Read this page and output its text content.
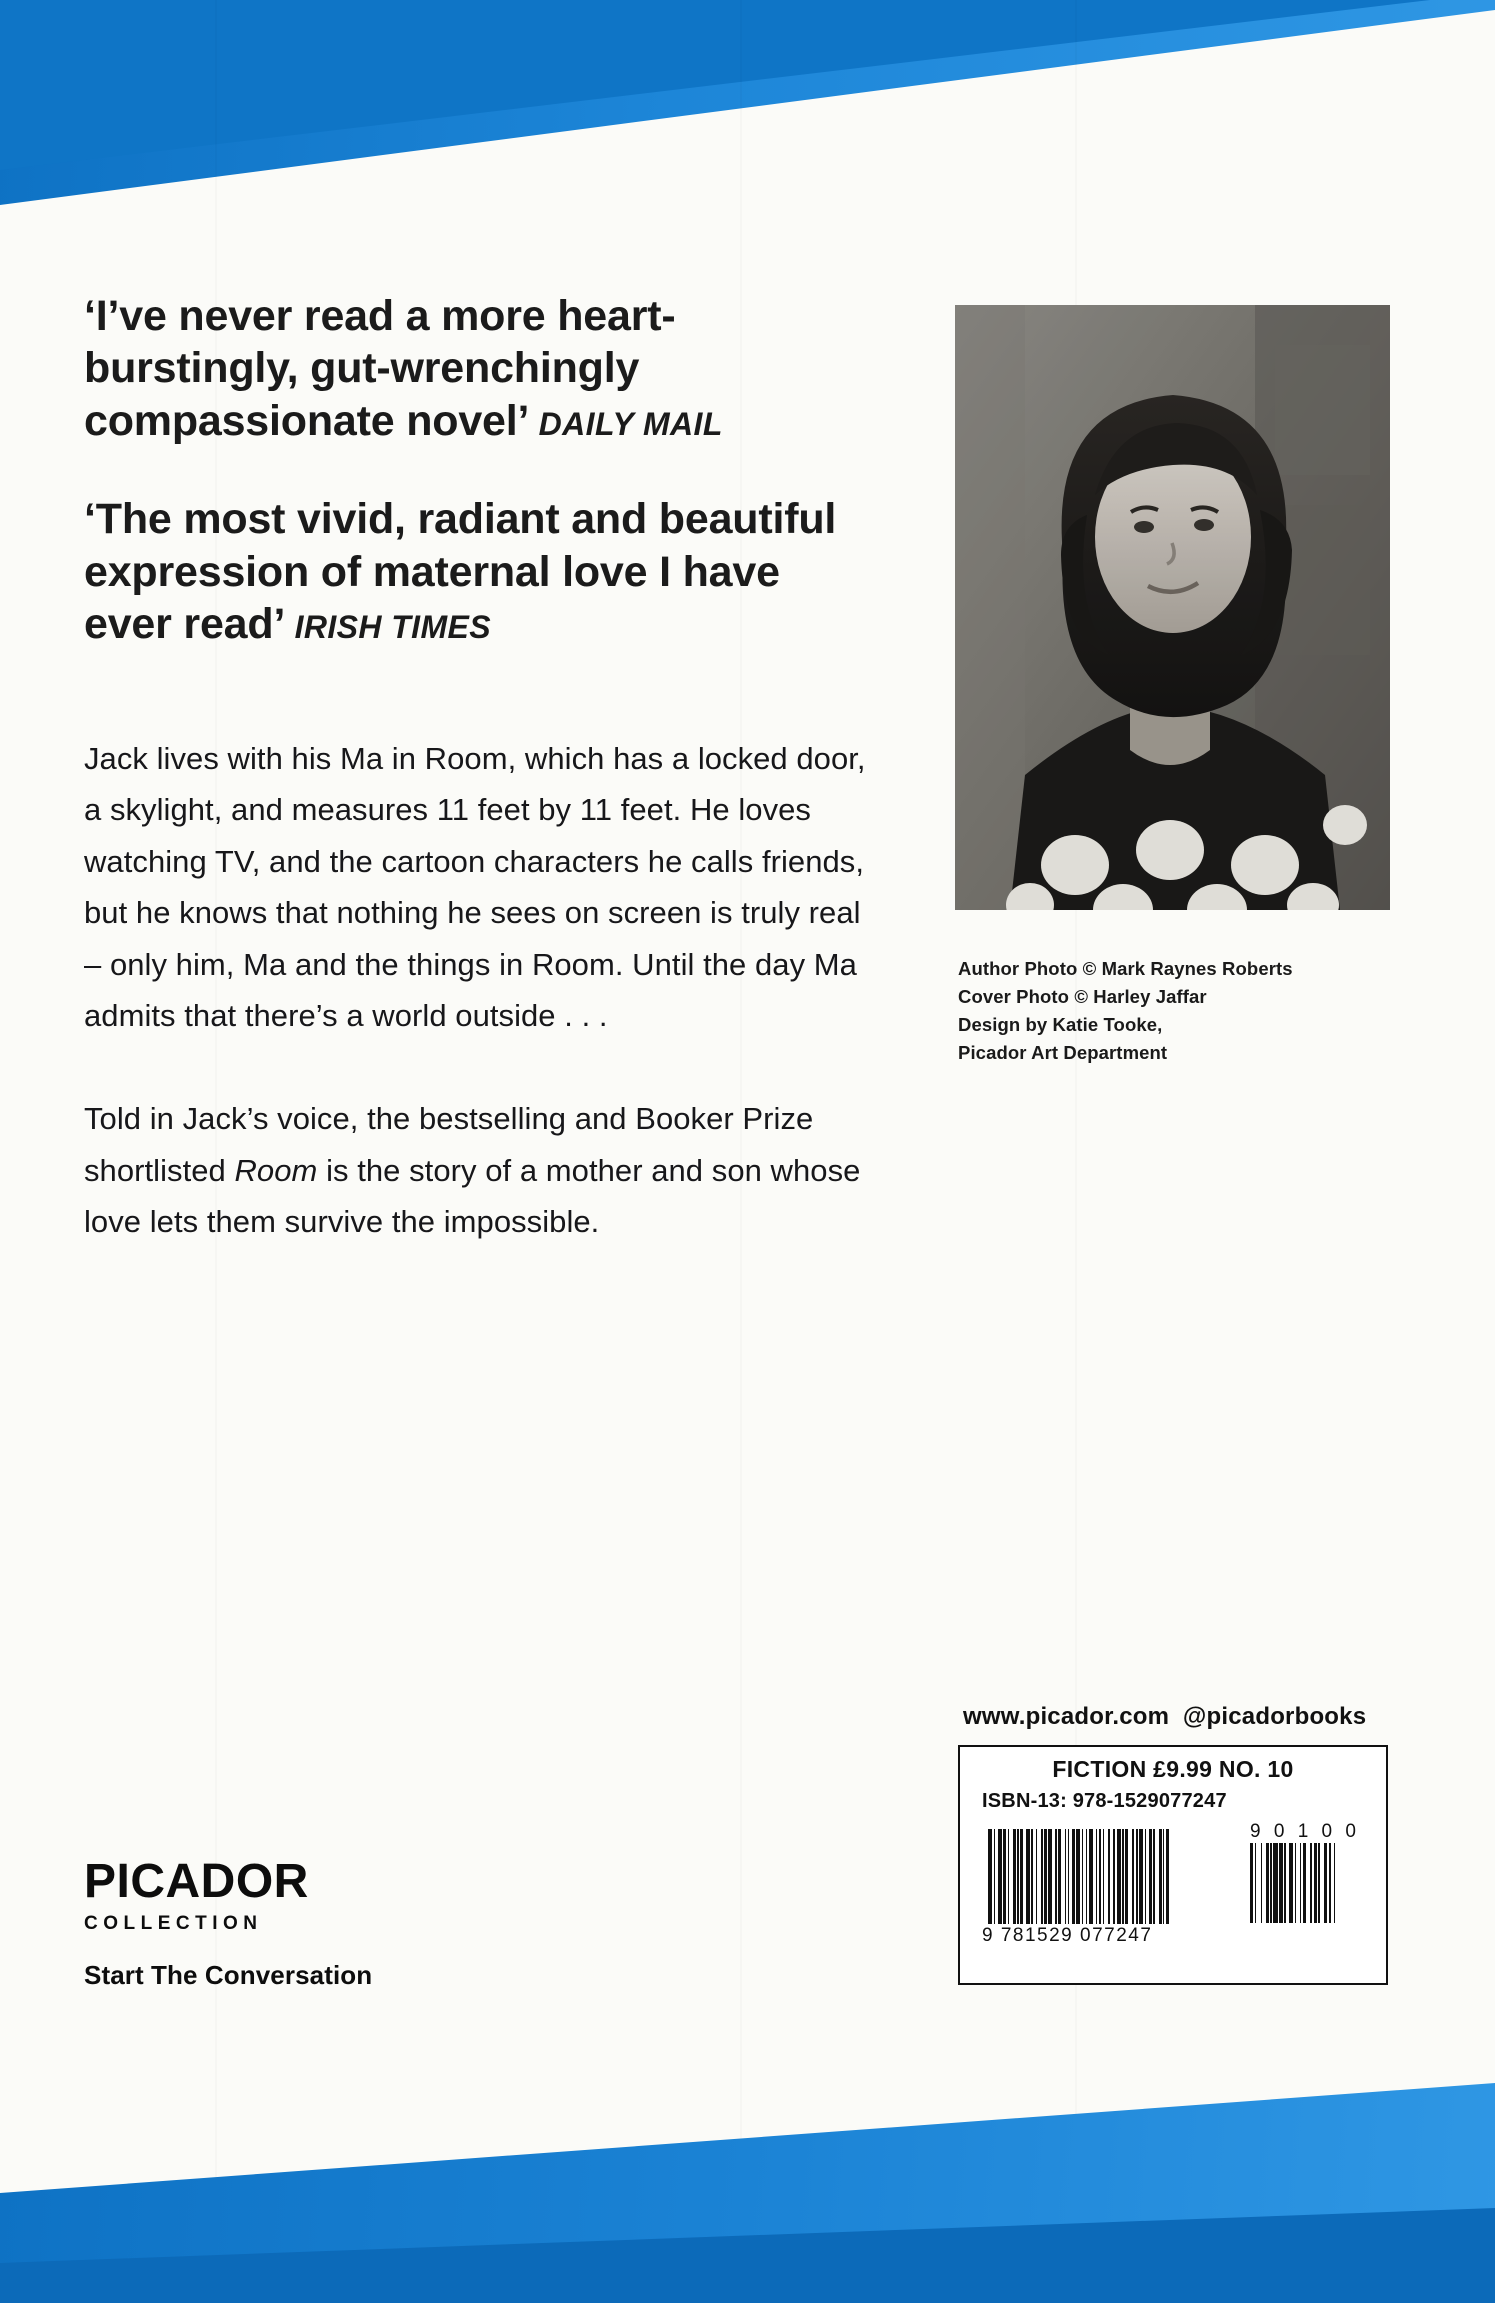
‘I’ve never read a more heart-burstingly, gut-wrenchingly compassionate novel’ DAILY MAIL

‘The most vivid, radiant and beautiful expression of maternal love I have ever read’ IRISH TIMES

Jack lives with his Ma in Room, which has a locked door, a skylight, and measures 11 feet by 11 feet. He loves watching TV, and the cartoon characters he calls friends, but he knows that nothing he sees on screen is truly real – only him, Ma and the things in Room. Until the day Ma admits that there’s a world outside . . .

Told in Jack’s voice, the bestselling and Booker Prize shortlisted Room is the story of a mother and son whose love lets them survive the impossible.

PICADOR
COLLECTION
Start The Conversation
Author Photo © Mark Raynes Roberts
Cover Photo © Harley Jaffar
Design by Katie Tooke,
Picador Art Department
www.picador.com @picadorbooks
FICTION £9.99 NO. 10
ISBN-13: 978-1529077247
9 781529 077247
9 0 1 0 0
